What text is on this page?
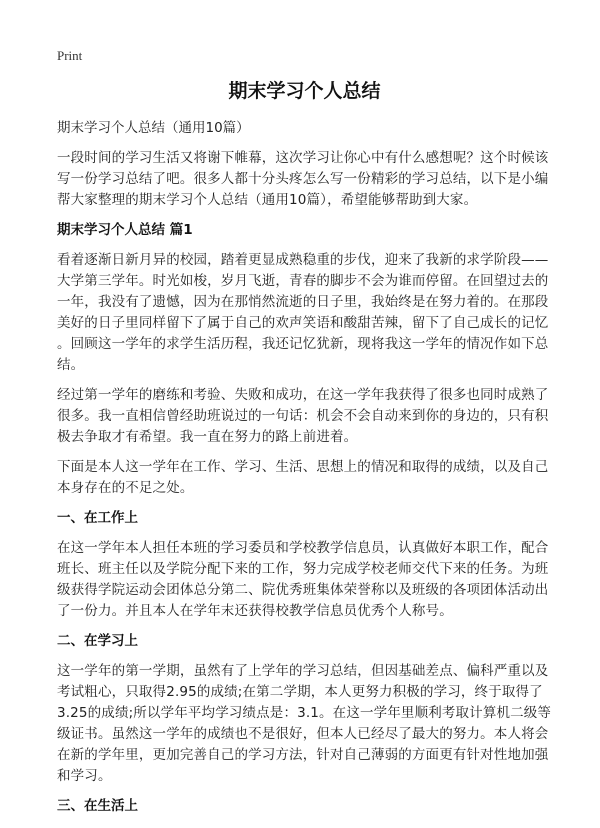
Print
期末学习个人总结
期末学习个人总结（通用10篇）
一段时间的学习生活又将谢下帷幕，这次学习让你心中有什么感想呢？这个时候该
写一份学习总结了吧。很多人都十分头疼怎么写一份精彩的学习总结，以下是小编
帮大家整理的期末学习个人总结（通用10篇），希望能够帮助到大家。
期末学习个人总结 篇1
看着逐渐日新月异的校园，踏着更显成熟稳重的步伐，迎来了我新的求学阶段——
大学第三学年。时光如梭，岁月飞逝，青春的脚步不会为谁而停留。在回望过去的
一年，我没有了遗憾，因为在那悄然流逝的日子里，我始终是在努力着的。在那段
美好的日子里同样留下了属于自己的欢声笑语和酸甜苦辣，留下了自己成长的记忆
。回顾这一学年的求学生活历程，我还记忆犹新，现将我这一学年的情况作如下总
结。
经过第一学年的磨练和考验、失败和成功，在这一学年我获得了很多也同时成熟了
很多。我一直相信曾经助班说过的一句话：机会不会自动来到你的身边的，只有积
极去争取才有希望。我一直在努力的路上前进着。
下面是本人这一学年在工作、学习、生活、思想上的情况和取得的成绩，以及自己
本身存在的不足之处。
一、在工作上
在这一学年本人担任本班的学习委员和学校教学信息员，认真做好本职工作，配合
班长、班主任以及学院分配下来的工作，努力完成学校老师交代下来的任务。为班
级获得学院运动会团体总分第二、院优秀班集体荣誉称以及班级的各项团体活动出
了一份力。并且本人在学年末还获得校教学信息员优秀个人称号。
二、在学习上
这一学年的第一学期，虽然有了上学年的学习总结，但因基础差点、偏科严重以及
考试粗心，只取得2.95的成绩;在第二学期，本人更努力积极的学习，终于取得了
3.25的成绩;所以学年平均学习绩点是：3.1。在这一学年里顺利考取计算机二级等
级证书。虽然这一学年的成绩也不是很好，但本人已经尽了最大的努力。本人将会
在新的学年里，更加完善自己的学习方法，针对自己薄弱的方面更有针对性地加强
和学习。
三、在生活上
